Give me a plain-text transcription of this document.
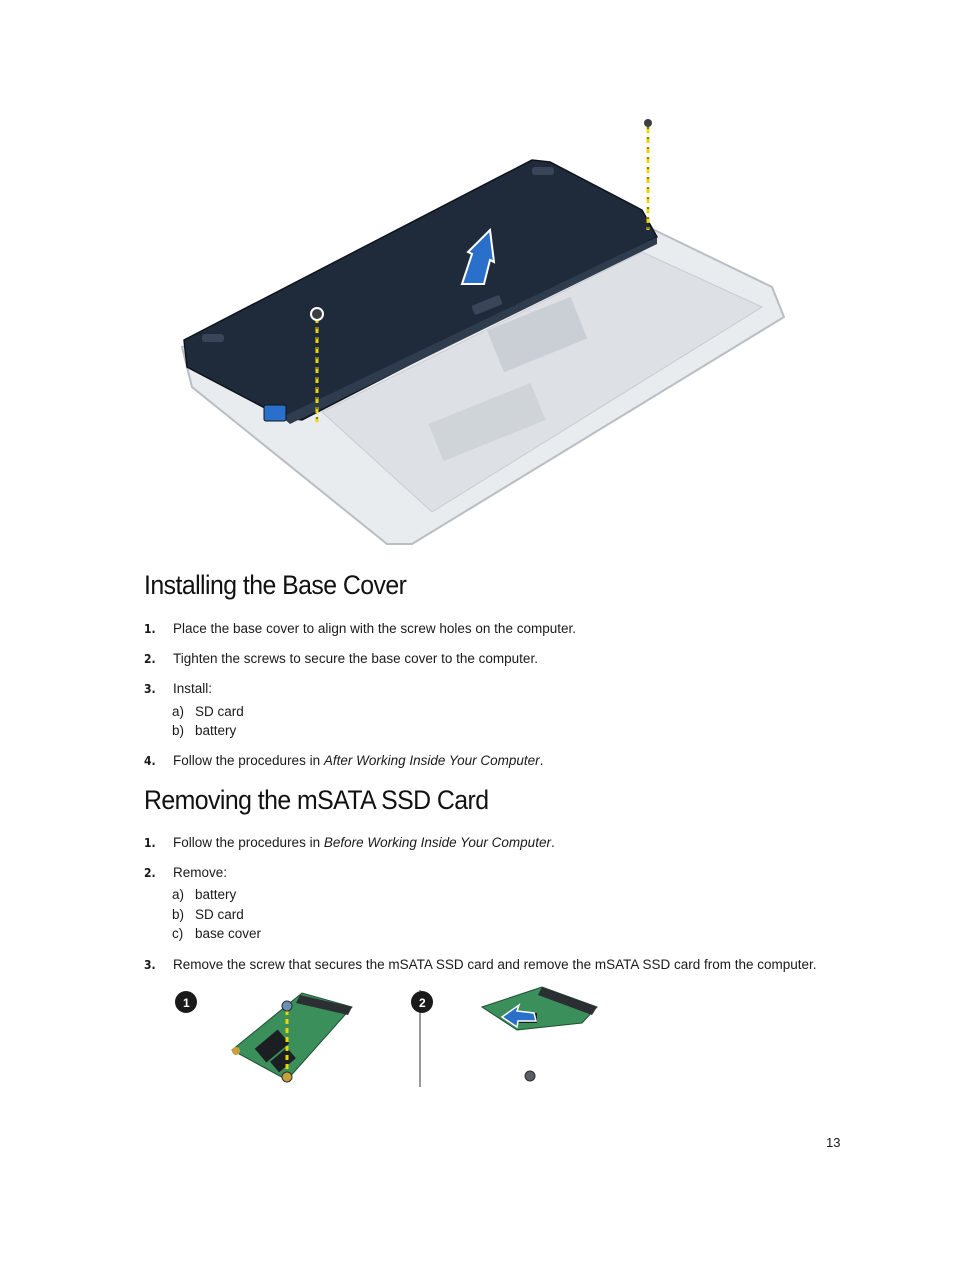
Installing the Base Cover
1.	Place the base cover to align with the screw holes on the computer.
2.	Tighten the screws to secure the base cover to the computer.
3.	Install:
a) SD card
b) battery
4.	Follow the procedures in After Working Inside Your Computer.
Removing the mSATA SSD Card
1.	Follow the procedures in Before Working Inside Your Computer.
2.	Remove:
a) battery
b) SD card
c) base cover
3.	Remove the screw that secures the mSATA SSD card and remove the mSATA SSD card from the computer.
1	2
13
